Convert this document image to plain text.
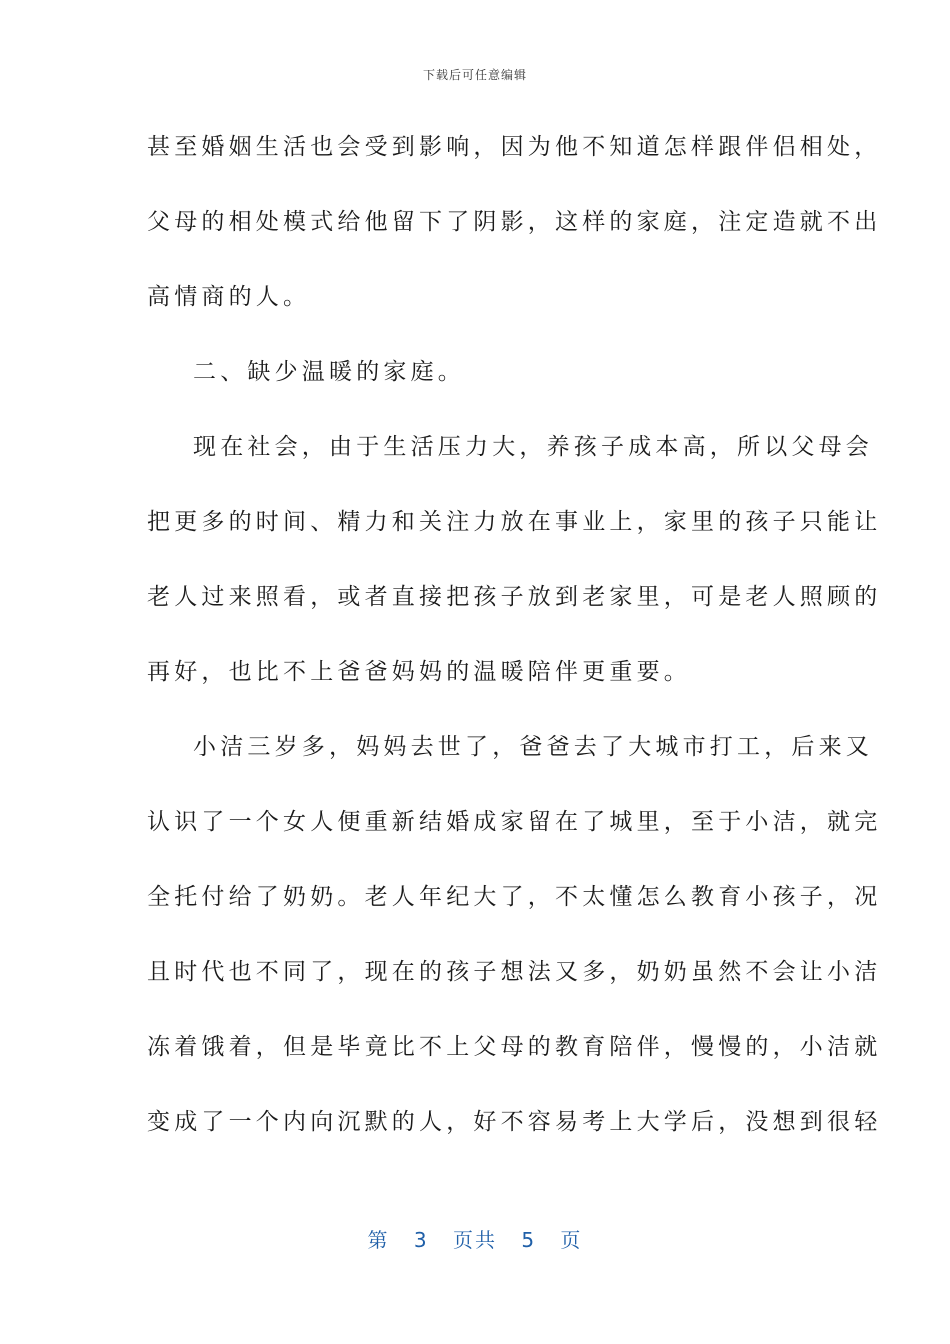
下载后可任意编辑
甚至婚姻生活也会受到影响，因为他不知道怎样跟伴侣相处，
父母的相处模式给他留下了阴影，这样的家庭，注定造就不出
高情商的人。
二、缺少温暖的家庭。
现在社会，由于生活压力大，养孩子成本高，所以父母会
把更多的时间、精力和关注力放在事业上，家里的孩子只能让
老人过来照看，或者直接把孩子放到老家里，可是老人照顾的
再好，也比不上爸爸妈妈的温暖陪伴更重要。
小洁三岁多，妈妈去世了，爸爸去了大城市打工，后来又
认识了一个女人便重新结婚成家留在了城里，至于小洁，就完
全托付给了奶奶。老人年纪大了，不太懂怎么教育小孩子，况
且时代也不同了，现在的孩子想法又多，奶奶虽然不会让小洁
冻着饿着，但是毕竟比不上父母的教育陪伴，慢慢的，小洁就
变成了一个内向沉默的人，好不容易考上大学后，没想到很轻
第 3 页共 5 页
